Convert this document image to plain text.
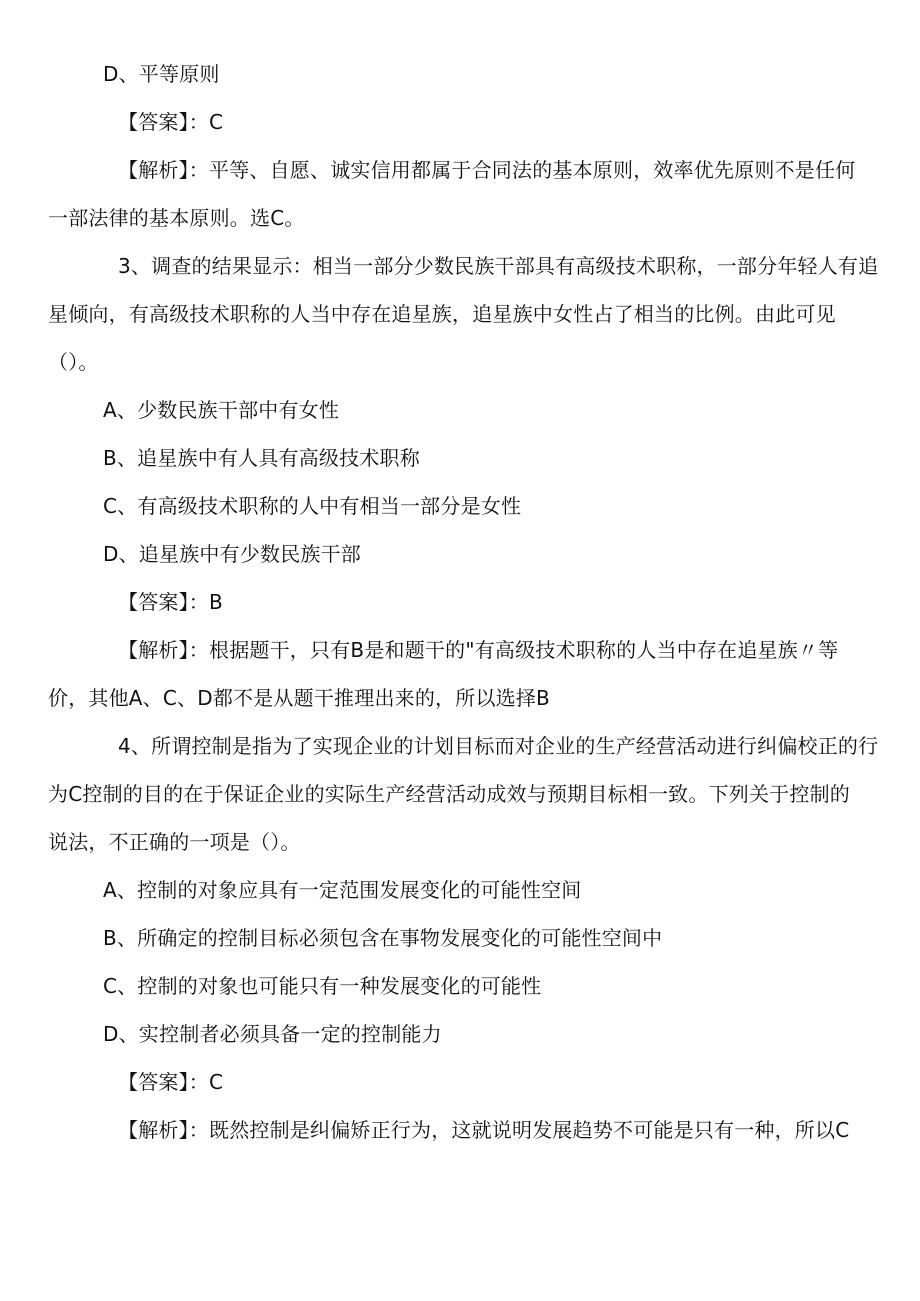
D、平等原则
【答案】：C
【解析】：平等、自愿、诚实信用都属于合同法的基本原则，效率优先原则不是任何
一部法律的基本原则。选C。
3、调查的结果显示：相当一部分少数民族干部具有高级技术职称，一部分年轻人有追
星倾向，有高级技术职称的人当中存在追星族，追星族中女性占了相当的比例。由此可见
（）。
A、少数民族干部中有女性
B、追星族中有人具有高级技术职称
C、有高级技术职称的人中有相当一部分是女性
D、追星族中有少数民族干部
【答案】：B
【解析】：根据题干，只有B是和题干的"有高级技术职称的人当中存在追星族〃等
价，其他A、C、D都不是从题干推理出来的，所以选择B
4、所谓控制是指为了实现企业的计划目标而对企业的生产经营活动进行纠偏校正的行
为C控制的目的在于保证企业的实际生产经营活动成效与预期目标相一致。下列关于控制的
说法，不正确的一项是（）。
A、控制的对象应具有一定范围发展变化的可能性空间
B、所确定的控制目标必须包含在事物发展变化的可能性空间中
C、控制的对象也可能只有一种发展变化的可能性
D、实控制者必须具备一定的控制能力
【答案】：C
【解析】：既然控制是纠偏矫正行为，这就说明发展趋势不可能是只有一种，所以C
